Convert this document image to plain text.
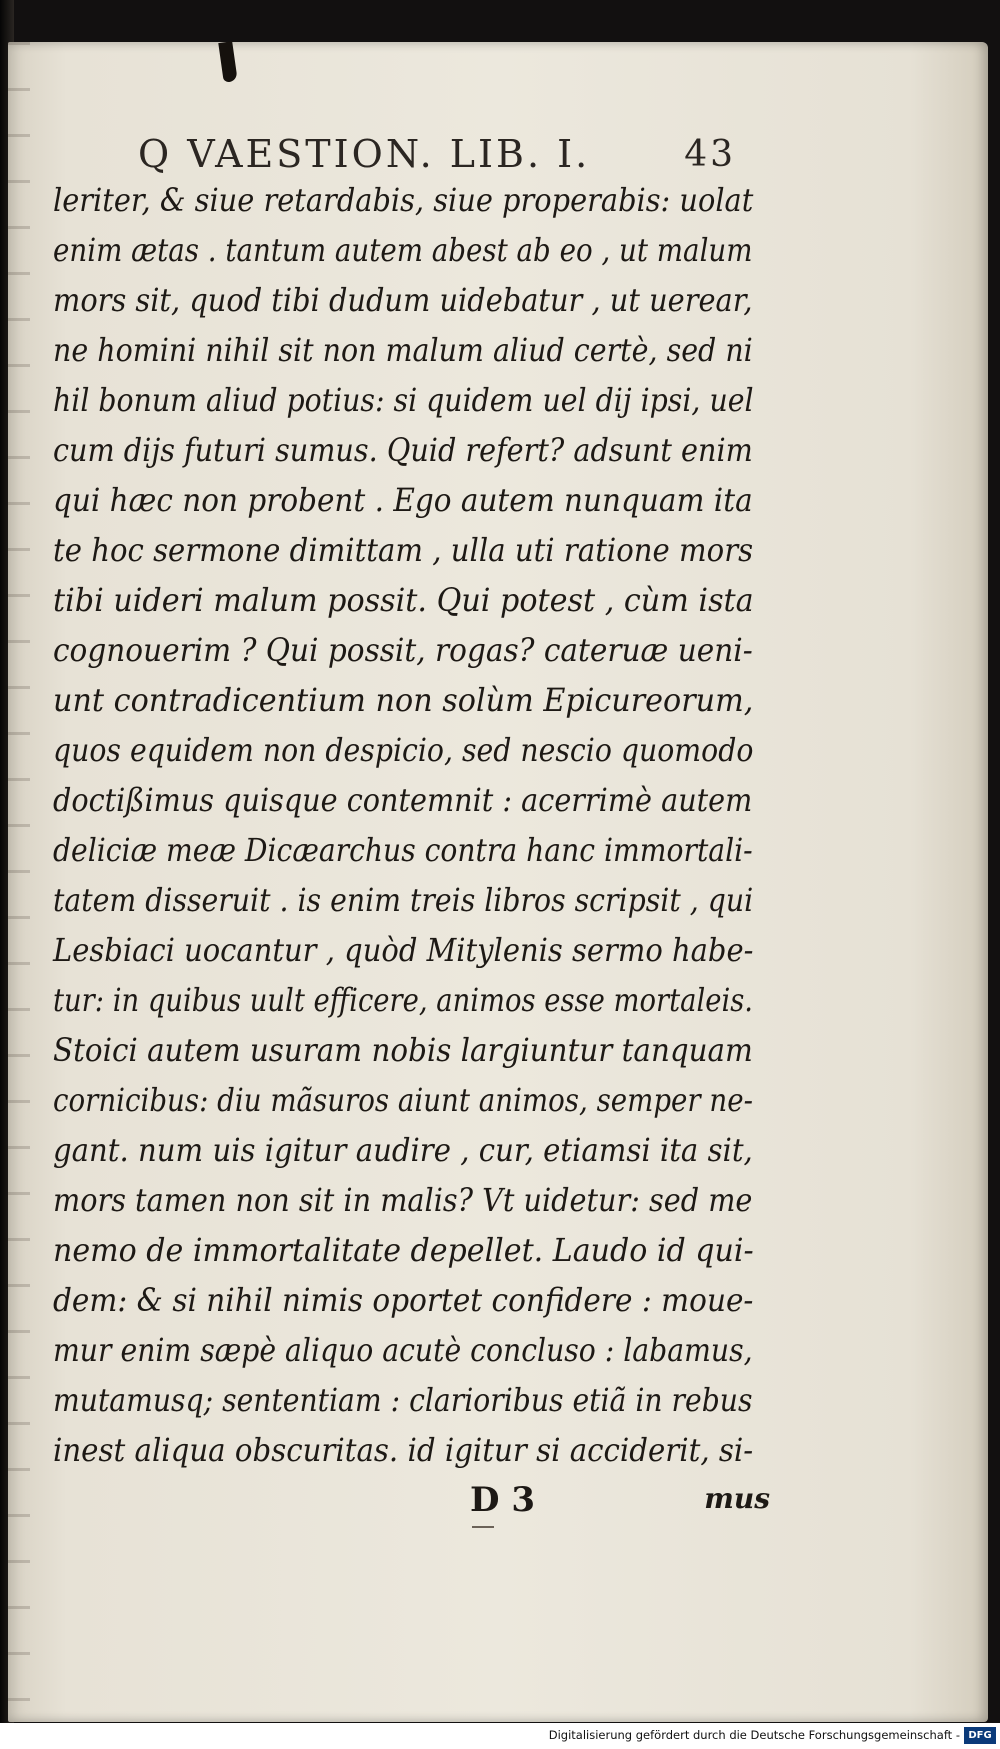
Q VAESTION. LIB. I.	43
leriter, & siue retardabis, siue properabis: uolat
enim ætas . tantum autem abest ab eo , ut malum
mors sit, quod tibi dudum uidebatur , ut uerear,
ne homini nihil sit non malum aliud certè, sed ni
hil bonum aliud potius: si quidem uel dij ipsi, uel
cum dijs futuri sumus. Quid refert? adsunt enim
qui hæc non probent . Ego autem nunquam ita
te hoc sermone dimittam , ulla uti ratione mors
tibi uideri malum possit. Qui potest , cùm ista
cognouerim ? Qui possit, rogas? cateruæ ueni-
unt contradicentium non solùm Epicureorum,
quos equidem non despicio, sed nescio quomodo
doctißimus quisque contemnit : acerrimè autem
deliciæ meæ Dicæarchus contra hanc immortali-
tatem disseruit . is enim treis libros scripsit , qui
Lesbiaci uocantur , quòd Mitylenis sermo habe-
tur: in quibus uult efficere, animos esse mortaleis.
Stoici autem usuram nobis largiuntur tanquam
cornicibus: diu mãsuros aiunt animos, semper ne-
gant. num uis igitur audire , cur, etiamsi ita sit,
mors tamen non sit in malis? Vt uidetur: sed me
nemo de immortalitate depellet. Laudo id qui-
dem: & si nihil nimis oportet confidere : moue-
mur enim sæpè aliquo acutè concluso : labamus,
mutamusq; sententiam : clarioribus etiã in rebus
inest aliqua obscuritas. id igitur si acciderit, si-
D 3	mus
Digitalisierung gefördert durch die Deutsche Forschungsgemeinschaft - DFG
